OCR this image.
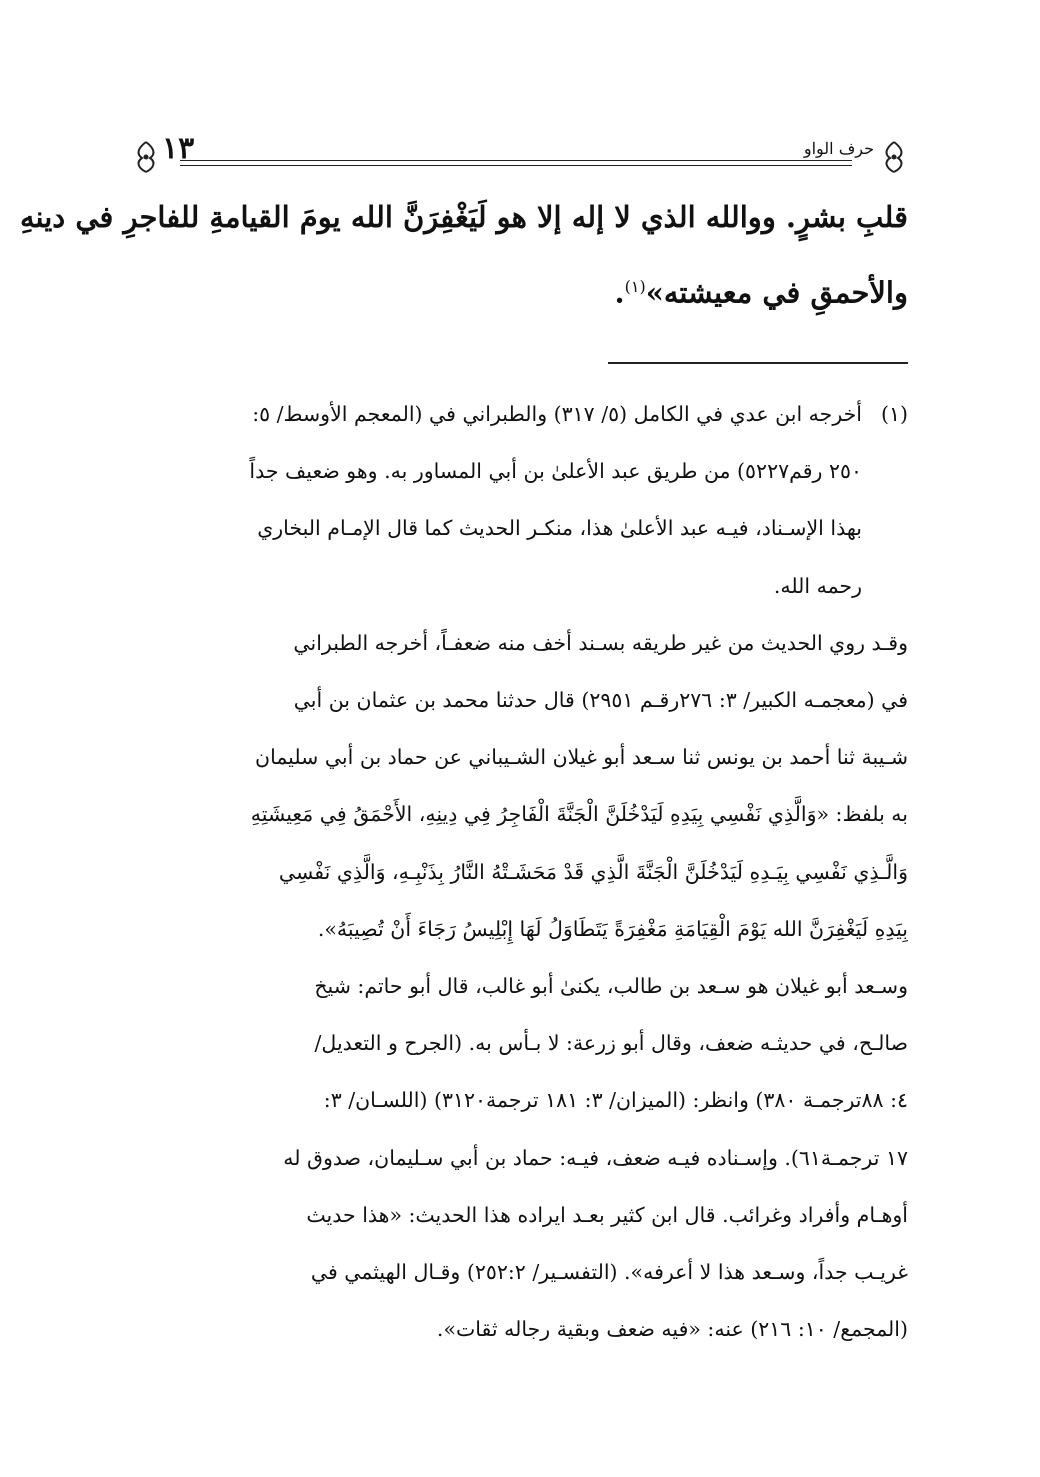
١٣	حرف الواو
قلبِ بشرٍ. ووالله الذي لا إله إلا هو لَيَغْفِرَنَّ الله يومَ القيامةِ للفاجرِ في دينهِ
والأحمقِ في معيشته»$^{(١)}$.
(١)أخرجه ابن عدي في الكامل (٥/ ٣١٧) والطبراني في (المعجم الأوسط/ ٥:
٢٥٠ رقم٥٢٢٧) من طريق عبد الأعلىٰ بن أبي المساور به. وهو ضعيف جداً
بهذا الإسـناد، فيـه عبد الأعلىٰ هذا، منكـر الحديث كما قال الإمـام البخاري
رحمه الله.
وقـد روي الحديث من غير طريقه بسـند أخف منه ضعفـاً، أخرجه الطبراني
في (معجمـه الكبير/ ٣: ٢٧٦رقـم ٢٩٥١) قال حدثنا محمد بن عثمان بن أبي
شـيبة ثنا أحمد بن يونس ثنا سـعد أبو غيلان الشـيباني عن حماد بن أبي سليمان
به بلفظ: «وَالَّذِي نَفْسِي بِيَدِهِ لَيَدْخُلَنَّ الْجَنَّةَ الْفَاجِرُ فِي دِينِهِ، الأَحْمَقُ فِي مَعِيشَتِهِ
وَالَّـذِي نَفْسِي بِيَـدِهِ لَيَدْخُلَنَّ الْجَنَّةَ الَّذِي قَدْ مَحَشَـتْهُ النَّارُ بِذَنْبِـهِ، وَالَّذِي نَفْسِي
بِيَدِهِ لَيَغْفِرَنَّ الله يَوْمَ الْقِيَامَةِ مَغْفِرَةً يَتَطَاوَلُ لَهَا إِبْلِيسُ رَجَاءَ أَنْ تُصِيبَهُ».
وسـعد أبو غيلان هو سـعد بن طالب، يكنىٰ أبو غالب، قال أبو حاتم: شيخ
صالـح، في حديثـه ضعف، وقال أبو زرعة: لا بـأس به. (الجرح و التعديل/
٤: ٨٨ترجمـة ٣٨٠) وانظر: (الميزان/ ٣: ١٨١ ترجمة٣١٢٠) (اللسـان/ ٣:
١٧ ترجمـة٦١). وإسـناده فيـه ضعف، فيـه: حماد بن أبي سـليمان، صدوق له
أوهـام وأفراد وغرائب. قال ابن كثير بعـد ايراده هذا الحديث: «هذا حديث
غريـب جداً، وسـعد هذا لا أعرفه». (التفسـير/ ٢٥٢:٢) وقـال الهيثمي في
(المجمع/ ١٠: ٢١٦) عنه: «فيه ضعف وبقية رجاله ثقات».
